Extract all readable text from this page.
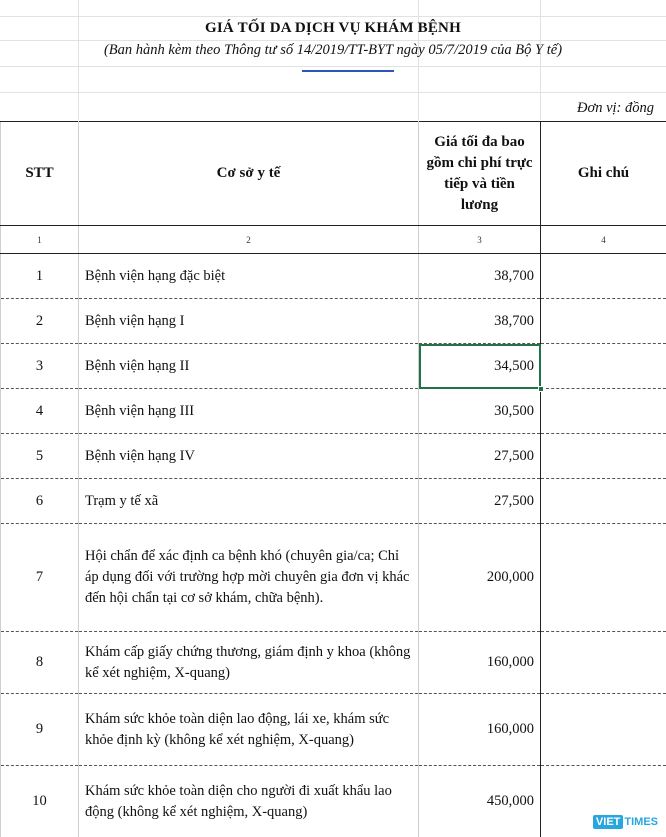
GIÁ TỐI DA DỊCH VỤ KHÁM BỆNH
(Ban hành kèm theo Thông tư số 14/2019/TT-BYT ngày 05/7/2019 của Bộ Y tế)
Đơn vị: đồng
STT	Cơ sở y tế	Giá tối đa bao gồm chi phí trực tiếp và tiền lương	Ghi chú
1	2	3	4
1	Bệnh viện hạng đặc biệt	38,700	
2	Bệnh viện hạng I	38,700	
3	Bệnh viện hạng II	34,500

4	Bệnh viện hạng III	30,500	
5	Bệnh viện hạng IV	27,500	
6	Trạm y tế xã	27,500	
7	Hội chẩn để xác định ca bệnh khó (chuyên gia/ca; Chỉ áp dụng đối với trường hợp mời chuyên gia đơn vị khác đến hội chẩn tại cơ sở khám, chữa bệnh).	200,000	
8	Khám cấp giấy chứng thương, giám định y khoa (không kể xét nghiệm, X-quang)	160,000	
9	Khám sức khỏe toàn diện lao động, lái xe, khám sức khỏe định kỳ (không kể xét nghiệm, X-quang)	160,000	
10	Khám sức khỏe toàn diện cho người đi xuất khẩu lao động (không kể xét nghiệm, X-quang)	450,000	
VIET TIMES
